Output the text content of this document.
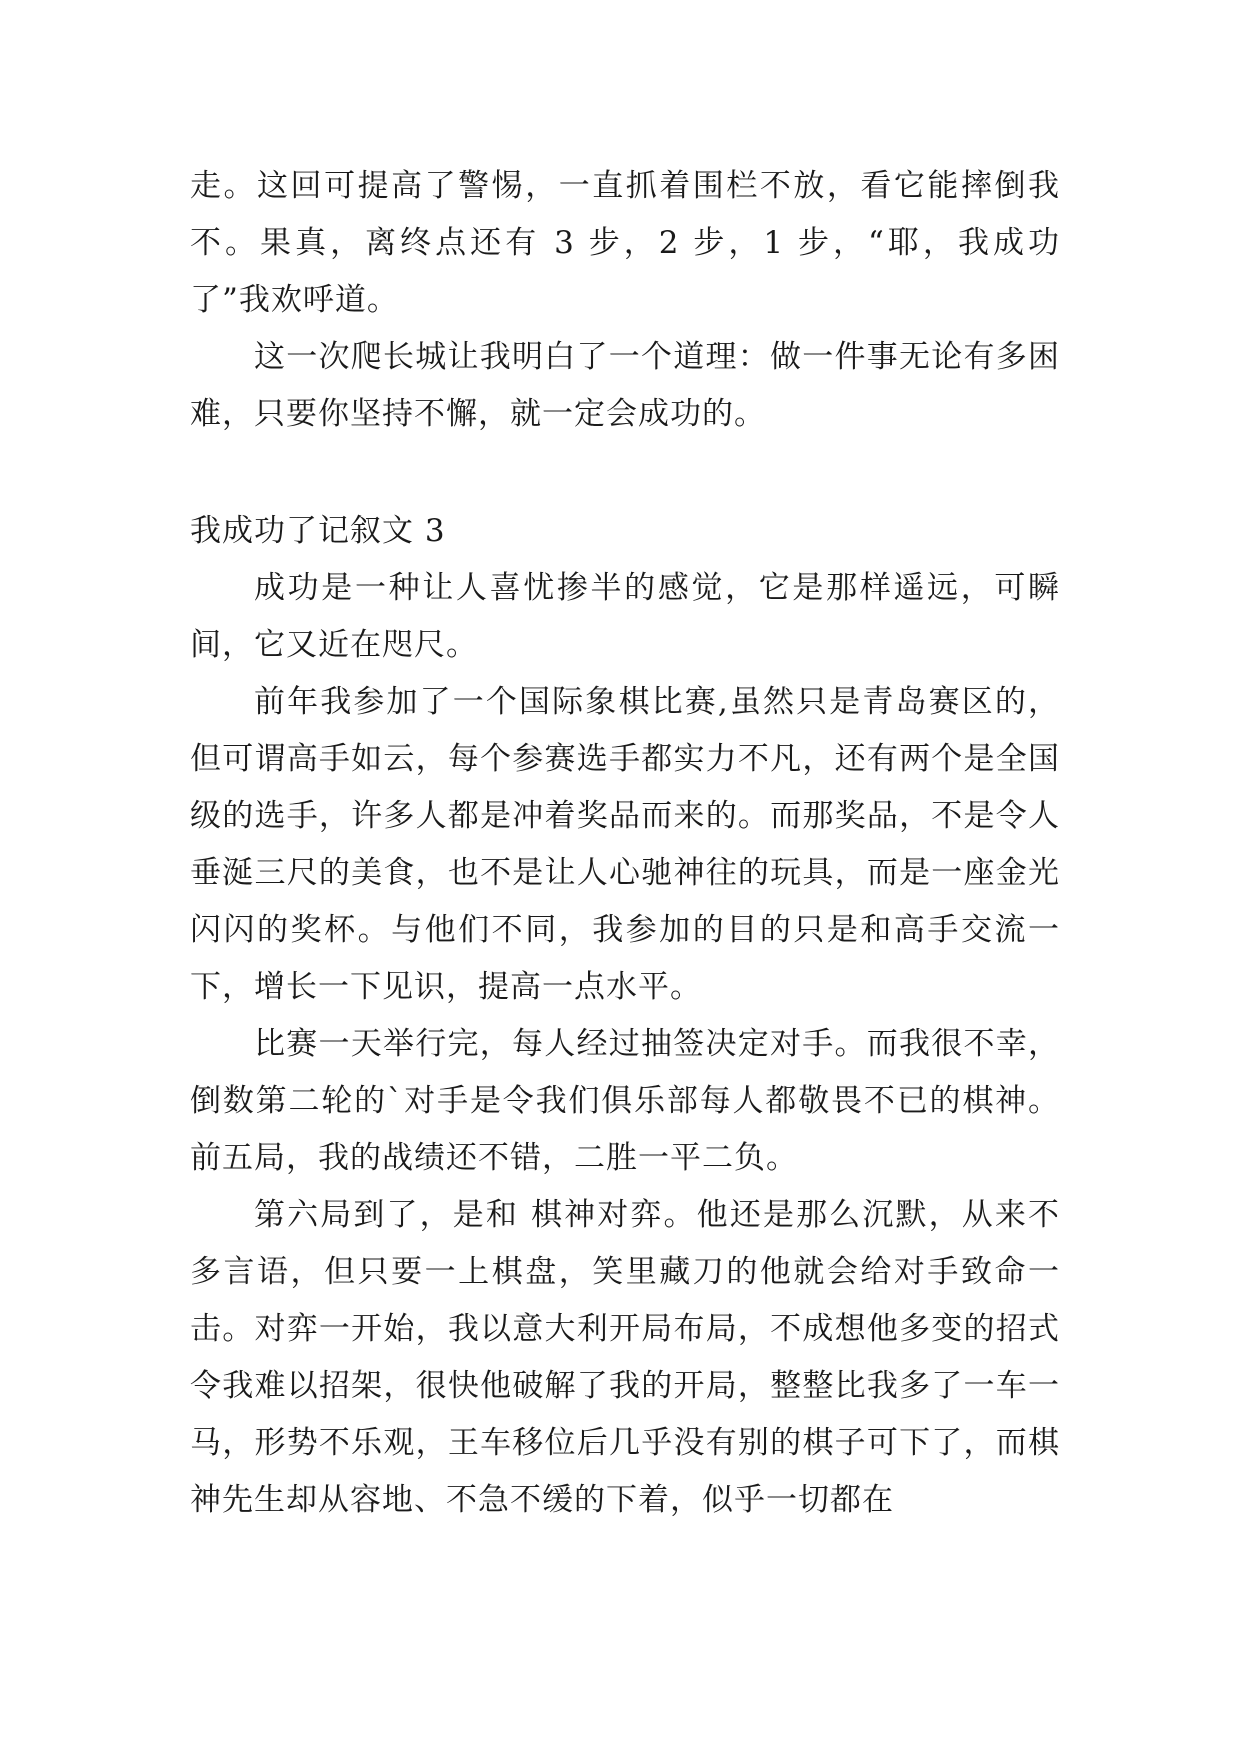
走。这回可提高了警惕，一直抓着围栏不放，看它能摔倒我不。果真，离终点还有 3 步，2 步，1 步，“耶，我成功了”我欢呼道。

这一次爬长城让我明白了一个道理：做一件事无论有多困难，只要你坚持不懈，就一定会成功的。

我成功了记叙文 3

成功是一种让人喜忧掺半的感觉，它是那样遥远，可瞬间，它又近在咫尺。

前年我参加了一个国际象棋比赛,虽然只是青岛赛区的，但可谓高手如云，每个参赛选手都实力不凡，还有两个是全国级的选手，许多人都是冲着奖品而来的。而那奖品，不是令人垂涎三尺的美食，也不是让人心驰神往的玩具，而是一座金光闪闪的奖杯。与他们不同，我参加的目的只是和高手交流一下，增长一下见识，提高一点水平。

比赛一天举行完，每人经过抽签决定对手。而我很不幸，倒数第二轮的`对手是令我们俱乐部每人都敬畏不已的棋神。前五局，我的战绩还不错，二胜一平二负。

第六局到了，是和 棋神对弈。他还是那么沉默，从来不多言语，但只要一上棋盘，笑里藏刀的他就会给对手致命一击。对弈一开始，我以意大利开局布局，不成想他多变的招式令我难以招架，很快他破解了我的开局，整整比我多了一车一马，形势不乐观，王车移位后几乎没有别的棋子可下了，而棋神先生却从容地、不急不缓的下着，似乎一切都在
